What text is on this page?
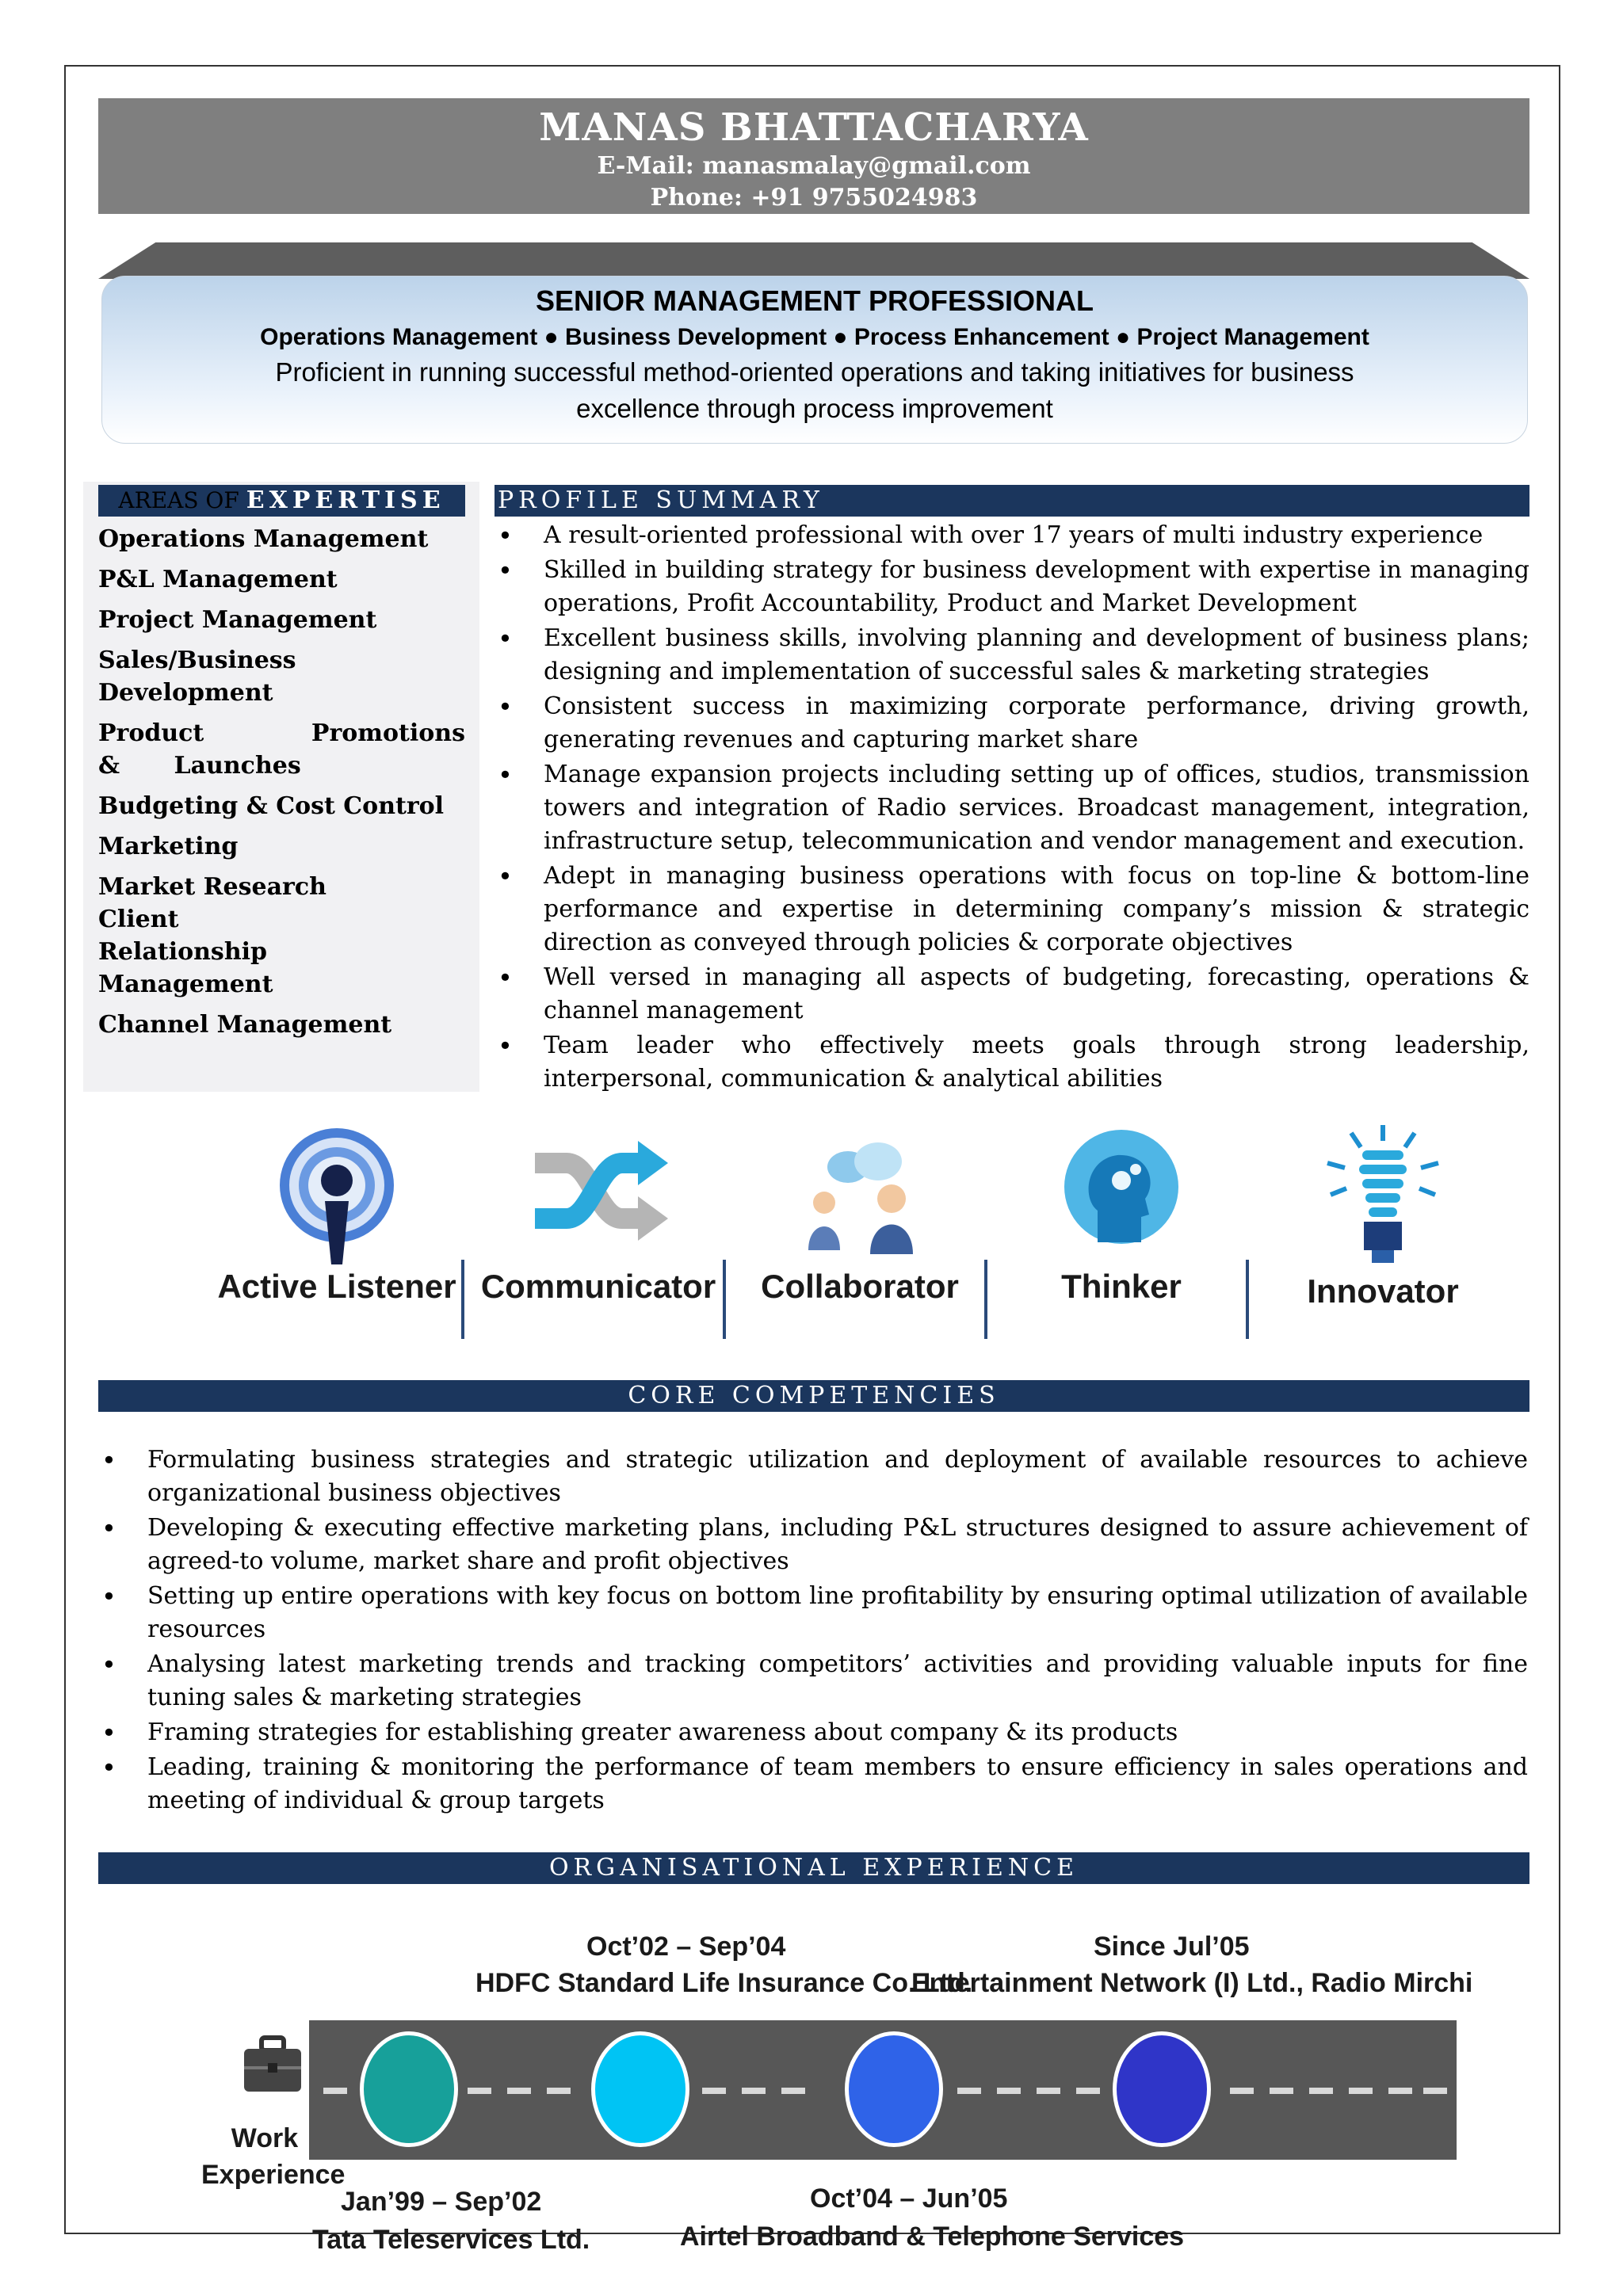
MANAS BHATTACHARYA
E-Mail: manasmalay@gmail.com
Phone: +91 9755024983
SENIOR MANAGEMENT PROFESSIONAL
Operations Management ● Business Development ● Process Enhancement ● Project Management
Proficient in running successful method-oriented operations and taking initiatives for business excellence through process improvement
AREAS OF EXPERTISE
Operations Management
P&L Management
Project Management
Sales/Business Development
Product Promotions & Launches
Budgeting & Cost Control
Marketing
Market Research
Client Relationship Management
Channel Management
PROFILE SUMMARY
• A result-oriented professional with over 17 years of multi industry experience
• Skilled in building strategy for business development with expertise in managing operations, Profit Accountability, Product and Market Development
• Excellent business skills, involving planning and development of business plans; designing and implementation of successful sales & marketing strategies
• Consistent success in maximizing corporate performance, driving growth, generating revenues and capturing market share
• Manage expansion projects including setting up of offices, studios, transmission towers and integration of Radio services. Broadcast management, integration, infrastructure setup, telecommunication and vendor management and execution.
• Adept in managing business operations with focus on top-line & bottom-line performance and expertise in determining company’s mission & strategic direction as conveyed through policies & corporate objectives
• Well versed in managing all aspects of budgeting, forecasting, operations & channel management
• Team leader who effectively meets goals through strong leadership, interpersonal, communication & analytical abilities
Active Listener Communicator	Collaborator	Thinker	Innovator
CORE COMPETENCIES
• Formulating business strategies and strategic utilization and deployment of available resources to achieve organizational business objectives
• Developing & executing effective marketing plans, including P&L structures designed to assure achievement of agreed-to volume, market share and profit objectives
• Setting up entire operations with key focus on bottom line profitability by ensuring optimal utilization of available resources
• Analysing latest marketing trends and tracking competitors’ activities and providing valuable inputs for fine tuning sales & marketing strategies
• Framing strategies for establishing greater awareness about company & its products
• Leading, training & monitoring the performance of team members to ensure efficiency in sales operations and meeting of individual & group targets
ORGANISATIONAL EXPERIENCE
Oct’02 – Sep’04
HDFC Standard Life Insurance Co. Ltd.
Since Jul’05
Entertainment Network (I) Ltd., Radio Mirchi
Work
Experience
Jan’99 – Sep’02
Tata Teleservices Ltd.
Oct’04 – Jun’05
Airtel Broadband & Telephone Services
